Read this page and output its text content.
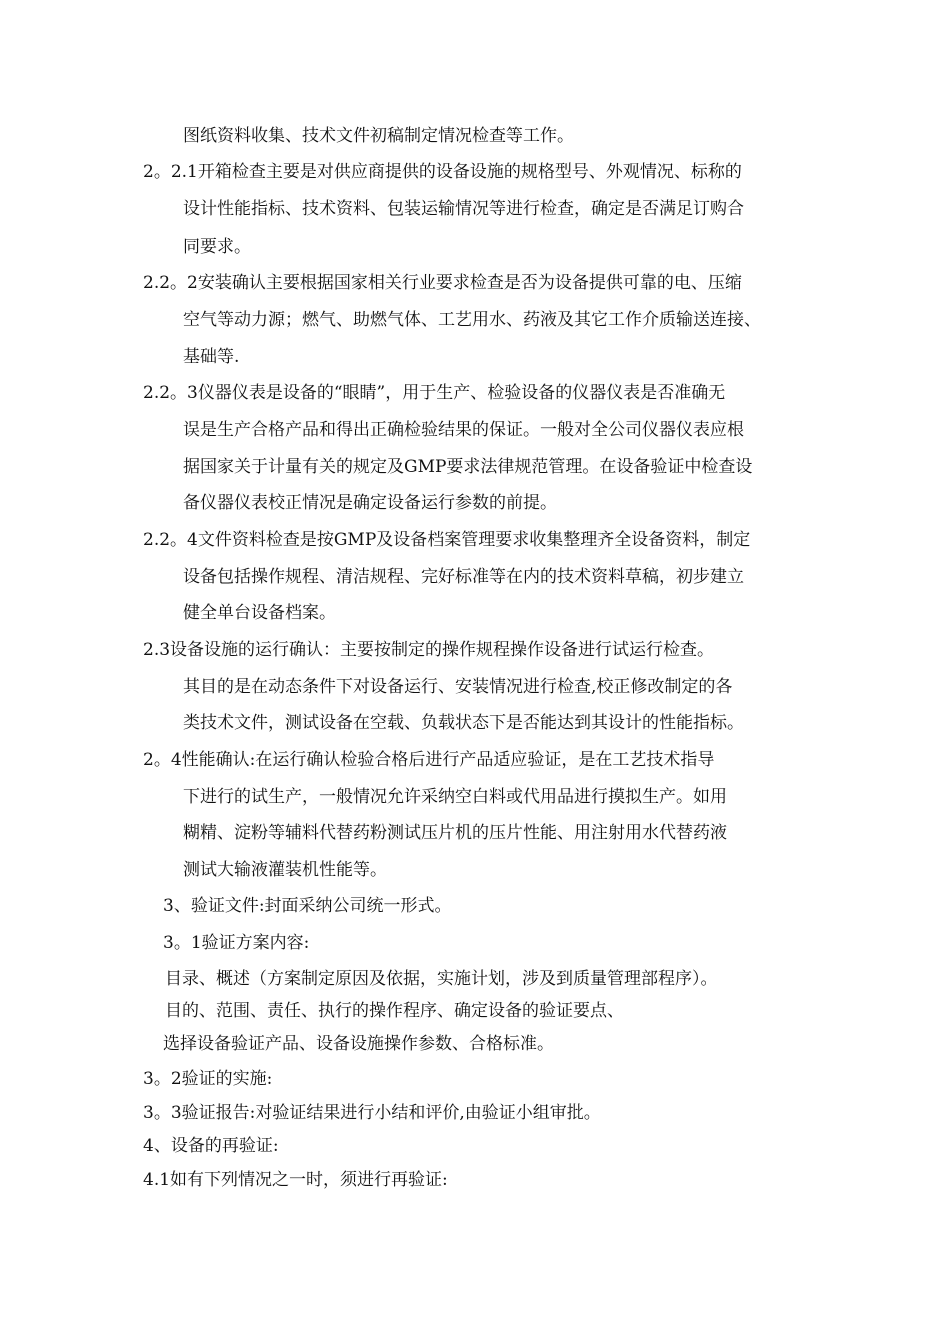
图纸资料收集、技术文件初稿制定情况检查等工作。
2。2.1开箱检查主要是对供应商提供的设备设施的规格型号、外观情况、标称的
设计性能指标、技术资料、包装运输情况等进行检查，确定是否满足订购合
同要求。
2.2。2安装确认主要根据国家相关行业要求检查是否为设备提供可靠的电、压缩
空气等动力源；燃气、助燃气体、工艺用水、药液及其它工作介质输送连接、
基础等.
2.2。3仪器仪表是设备的“眼睛”，用于生产、检验设备的仪器仪表是否准确无
误是生产合格产品和得出正确检验结果的保证。一般对全公司仪器仪表应根
据国家关于计量有关的规定及GMP要求法律规范管理。在设备验证中检查设
备仪器仪表校正情况是确定设备运行参数的前提。
2.2。4文件资料检查是按GMP及设备档案管理要求收集整理齐全设备资料，制定
设备包括操作规程、清洁规程、完好标准等在内的技术资料草稿，初步建立
健全单台设备档案。
2.3设备设施的运行确认：主要按制定的操作规程操作设备进行试运行检查。
其目的是在动态条件下对设备运行、安装情况进行检查,校正修改制定的各
类技术文件，测试设备在空载、负载状态下是否能达到其设计的性能指标。
2。4性能确认:在运行确认检验合格后进行产品适应验证，是在工艺技术指导
下进行的试生产，一般情况允许采纳空白料或代用品进行摸拟生产。如用
糊精、淀粉等辅料代替药粉测试压片机的压片性能、用注射用水代替药液
测试大输液灌装机性能等。
3、验证文件:封面采纳公司统一形式。
3。1验证方案内容:
目录、概述（方案制定原因及依据，实施计划，涉及到质量管理部程序）。
目的、范围、责任、执行的操作程序、确定设备的验证要点、
选择设备验证产品、设备设施操作参数、合格标准。
3。2验证的实施:
3。3验证报告:对验证结果进行小结和评价,由验证小组审批。
4、设备的再验证:
4.1如有下列情况之一时，须进行再验证:
